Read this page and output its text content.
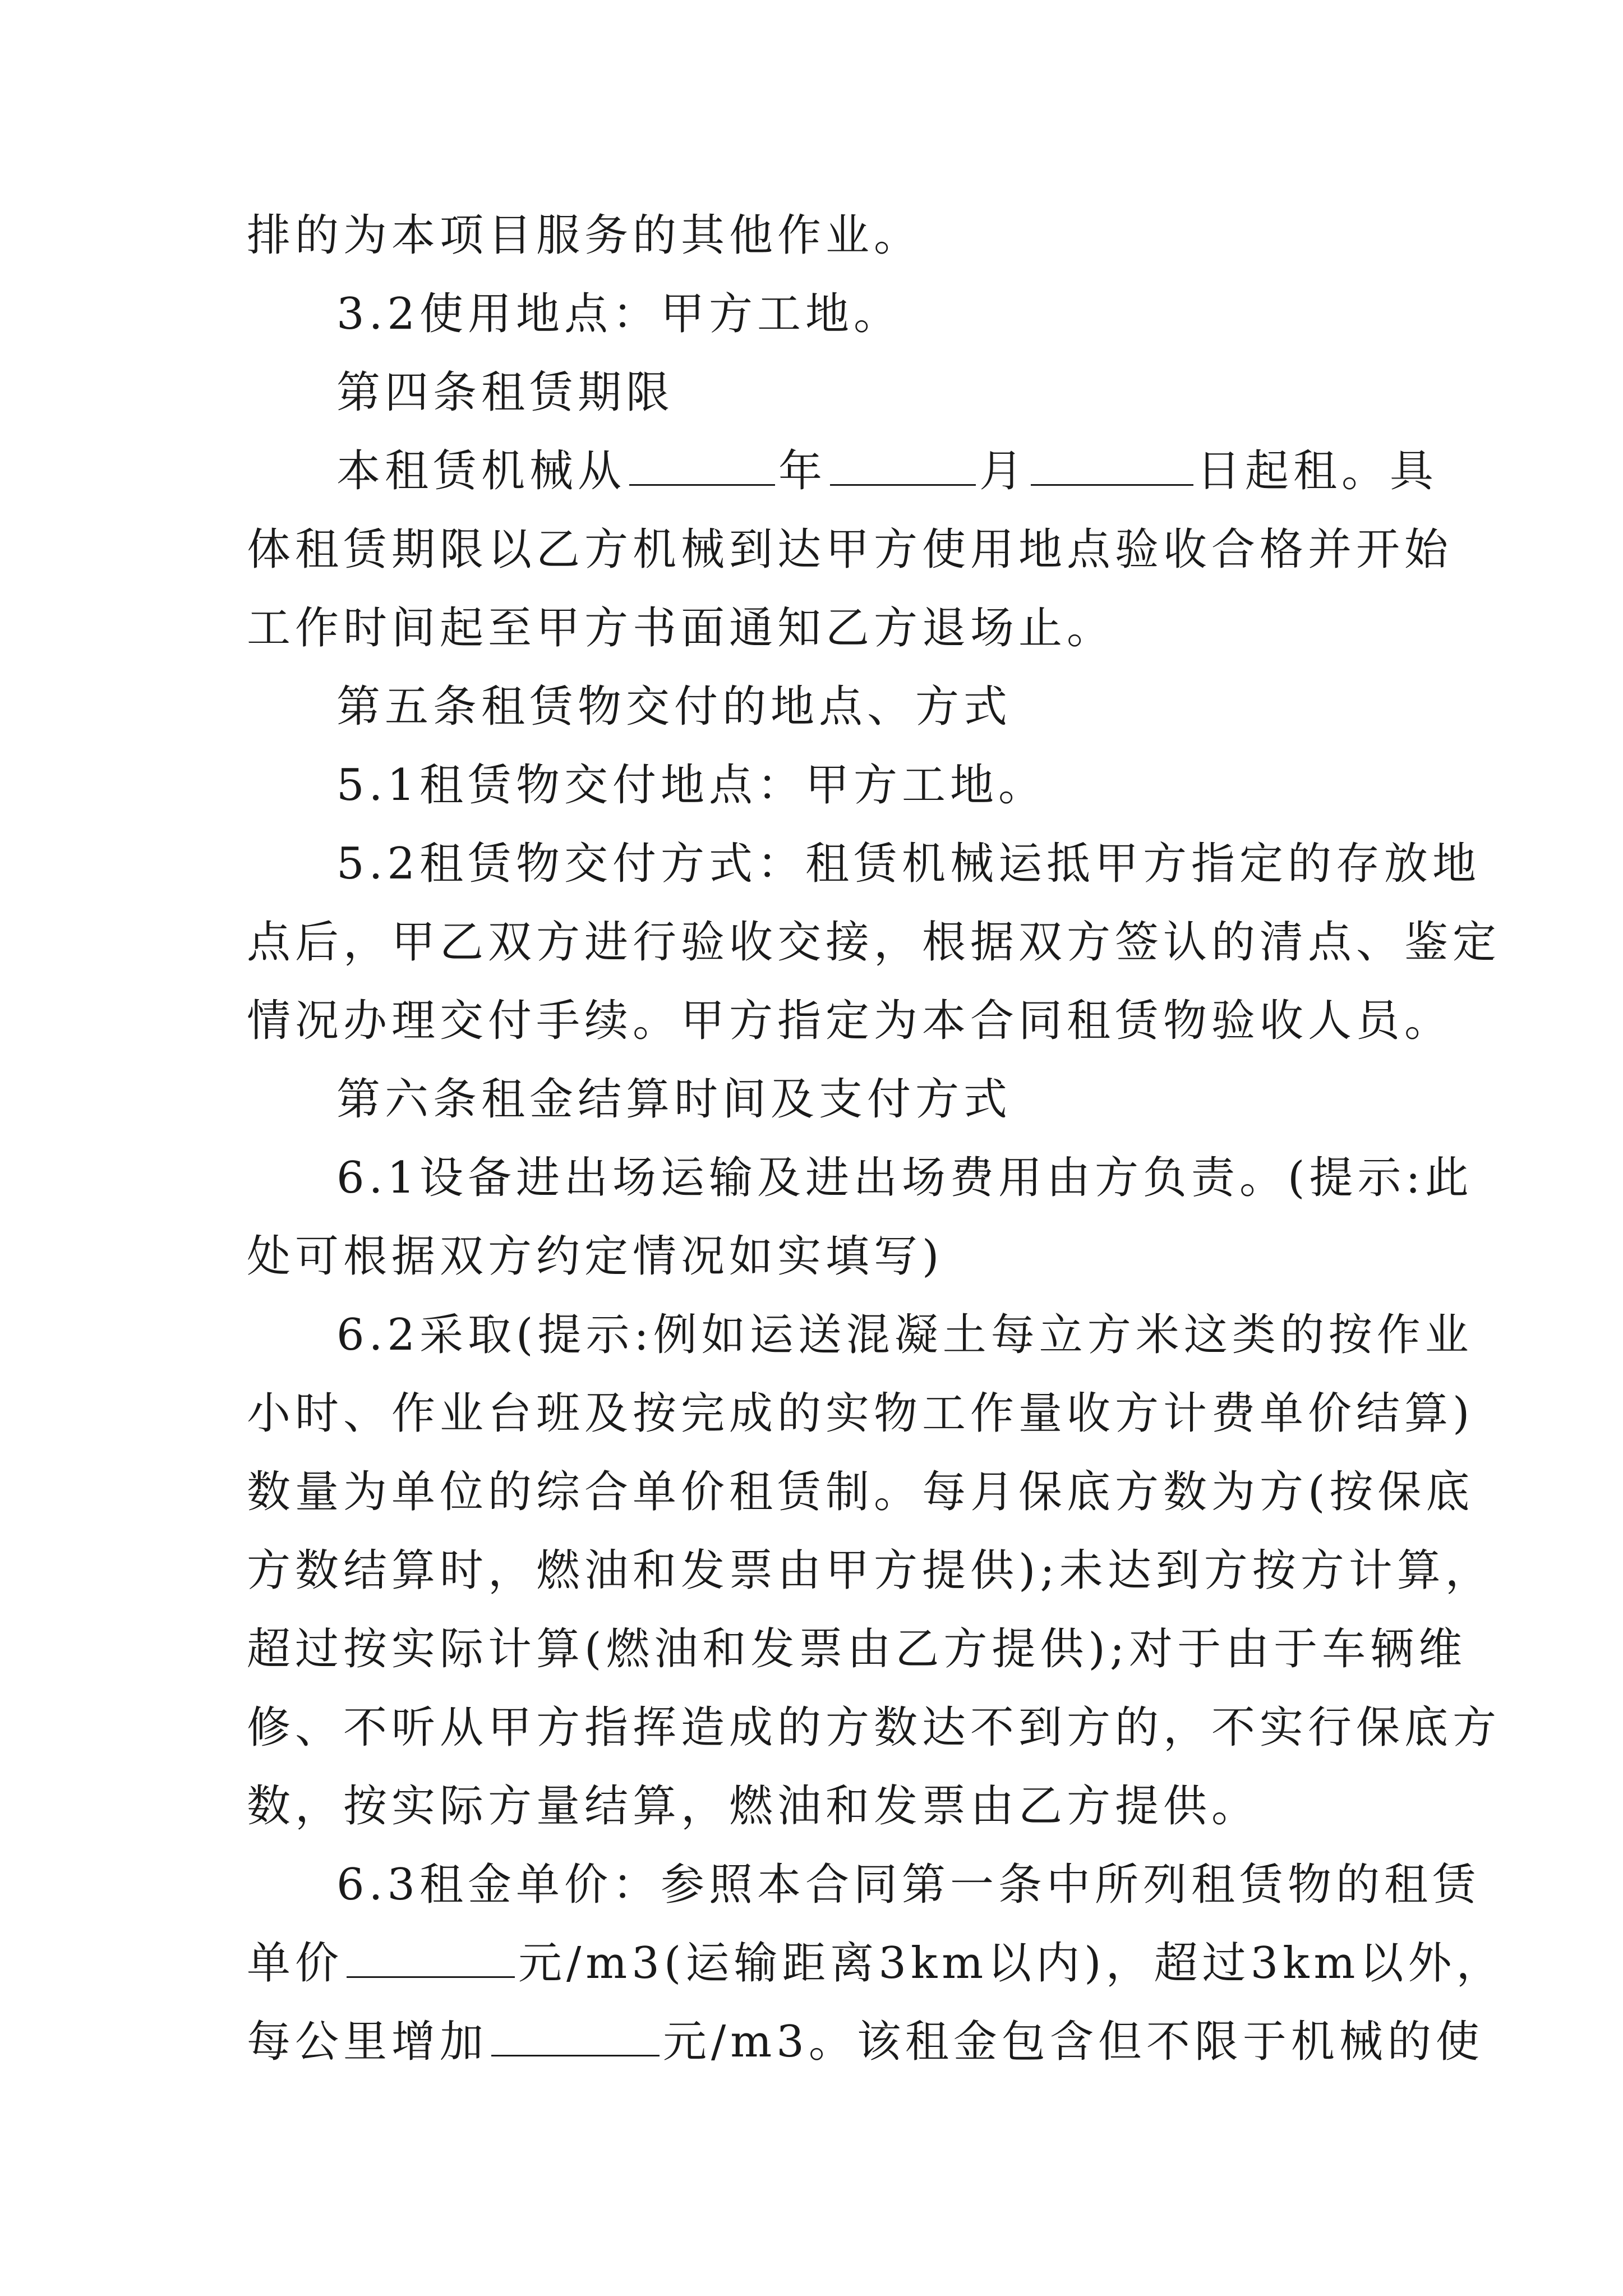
排的为本项目服务的其他作业。
3.2使用地点：甲方工地。
第四条租赁期限
本租赁机械从	年	月	日起租。具
体租赁期限以乙方机械到达甲方使用地点验收合格并开始
工作时间起至甲方书面通知乙方退场止。
第五条租赁物交付的地点、方式
5.1租赁物交付地点：甲方工地。
5.2租赁物交付方式：租赁机械运抵甲方指定的存放地
点后，甲乙双方进行验收交接，根据双方签认的清点、鉴定
情况办理交付手续。甲方指定为本合同租赁物验收人员。
第六条租金结算时间及支付方式
6.1设备进出场运输及进出场费用由方负责。(提示:此
处可根据双方约定情况如实填写)
6.2采取(提示:例如运送混凝土每立方米这类的按作业
小时、作业台班及按完成的实物工作量收方计费单价结算)
数量为单位的综合单价租赁制。每月保底方数为方(按保底
方数结算时，燃油和发票由甲方提供);未达到方按方计算，
超过按实际计算(燃油和发票由乙方提供);对于由于车辆维
修、不听从甲方指挥造成的方数达不到方的，不实行保底方
数，按实际方量结算，燃油和发票由乙方提供。
6.3租金单价：参照本合同第一条中所列租赁物的租赁
单价	元/m3(运输距离3km以内)，超过3km以外，
每公里增加	元/m3。该租金包含但不限于机械的使
